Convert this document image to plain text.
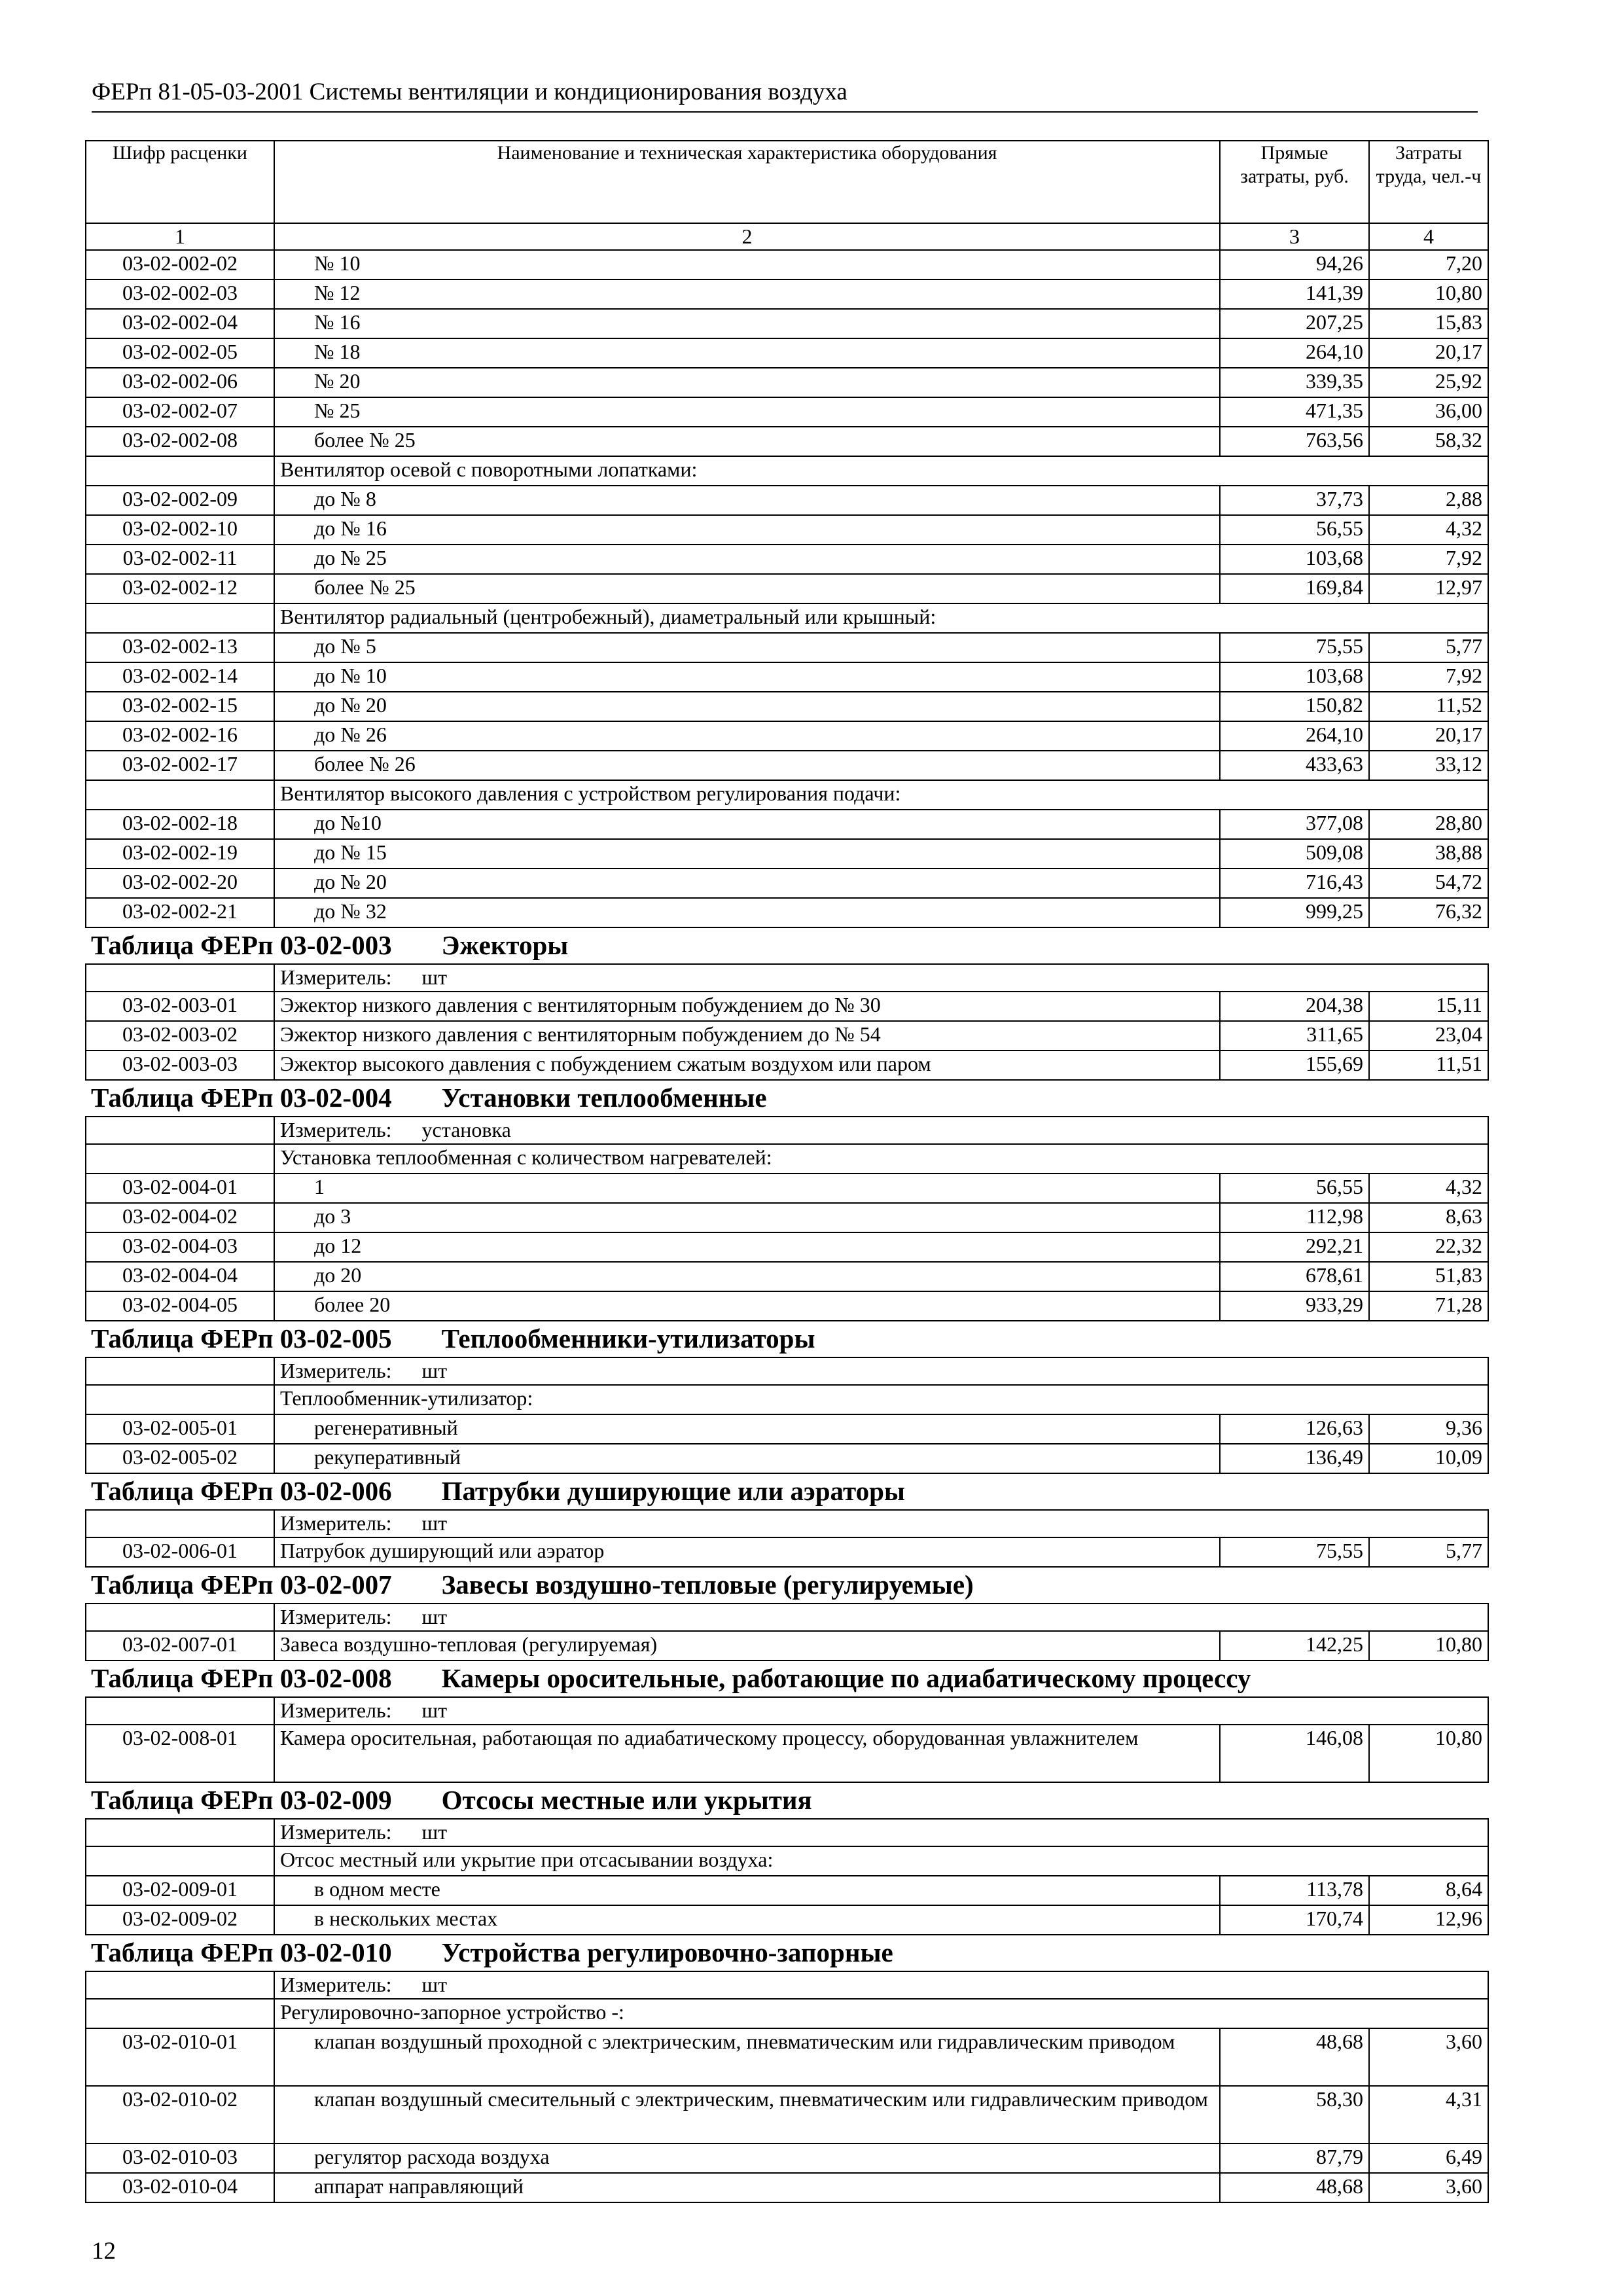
ФЕРп 81-05-03-2001 Системы вентиляции и кондиционирования воздуха
Шифр расценки	Наименование и техническая характеристика оборудования	Прямые затраты, руб.	Затраты труда, чел.-ч
1	2	3	4
03-02-002-02	№ 10	94,26	7,20
03-02-002-03	№ 12	141,39	10,80
03-02-002-04	№ 16	207,25	15,83
03-02-002-05	№ 18	264,10	20,17
03-02-002-06	№ 20	339,35	25,92
03-02-002-07	№ 25	471,35	36,00
03-02-002-08	более № 25	763,56	58,32
	Вентилятор осевой с поворотными лопатками:		
03-02-002-09	до № 8	37,73	2,88
03-02-002-10	до № 16	56,55	4,32
03-02-002-11	до № 25	103,68	7,92
03-02-002-12	более № 25	169,84	12,97
	Вентилятор радиальный (центробежный), диаметральный или крышный:		
03-02-002-13	до № 5	75,55	5,77
03-02-002-14	до № 10	103,68	7,92
03-02-002-15	до № 20	150,82	11,52
03-02-002-16	до № 26	264,10	20,17
03-02-002-17	более № 26	433,63	33,12
	Вентилятор высокого давления с устройством регулирования подачи:		
03-02-002-18	до №10	377,08	28,80
03-02-002-19	до № 15	509,08	38,88
03-02-002-20	до № 20	716,43	54,72
03-02-002-21	до № 32	999,25	76,32
Таблица ФЕРп 03-02-003 Эжекторы			
	Измеритель: шт		
03-02-003-01	Эжектор низкого давления с вентиляторным побуждением до № 30	204,38	15,11
03-02-003-02	Эжектор низкого давления с вентиляторным побуждением до № 54	311,65	23,04
03-02-003-03	Эжектор высокого давления с побуждением сжатым воздухом или паром	155,69	11,51
Таблица ФЕРп 03-02-004 Установки теплообменные			
	Измеритель: установка		
	Установка теплообменная с количеством нагревателей:		
03-02-004-01	1	56,55	4,32
03-02-004-02	до 3	112,98	8,63
03-02-004-03	до 12	292,21	22,32
03-02-004-04	до 20	678,61	51,83
03-02-004-05	более 20	933,29	71,28
Таблица ФЕРп 03-02-005 Теплообменники-утилизаторы			
	Измеритель: шт		
	Теплообменник-утилизатор:		
03-02-005-01	регенеративный	126,63	9,36
03-02-005-02	рекуперативный	136,49	10,09
Таблица ФЕРп 03-02-006 Патрубки душирующие или аэраторы			
	Измеритель: шт		
03-02-006-01	Патрубок душирующий или аэратор	75,55	5,77
Таблица ФЕРп 03-02-007 Завесы воздушно-тепловые (регулируемые)			
	Измеритель: шт		
03-02-007-01	Завеса воздушно-тепловая (регулируемая)	142,25	10,80
Таблица ФЕРп 03-02-008 Камеры оросительные, работающие по адиабатическому процессу			
	Измеритель: шт		
03-02-008-01	Камера оросительная, работающая по адиабатическому процессу, оборудованная увлажнителем	146,08	10,80
Таблица ФЕРп 03-02-009 Отсосы местные или укрытия			
	Измеритель: шт		
	Отсос местный или укрытие при отсасывании воздуха:		
03-02-009-01	в одном месте	113,78	8,64
03-02-009-02	в нескольких местах	170,74	12,96
Таблица ФЕРп 03-02-010 Устройства регулировочно-запорные			
	Измеритель: шт		
	Регулировочно-запорное устройство -:		
03-02-010-01	клапан воздушный проходной с электрическим, пневматическим или гидравлическим приводом	48,68	3,60
03-02-010-02	клапан воздушный смесительный с электрическим, пневматическим или гидравлическим приводом	58,30	4,31
03-02-010-03	регулятор расхода воздуха	87,79	6,49
03-02-010-04	аппарат направляющий	48,68	3,60
12
